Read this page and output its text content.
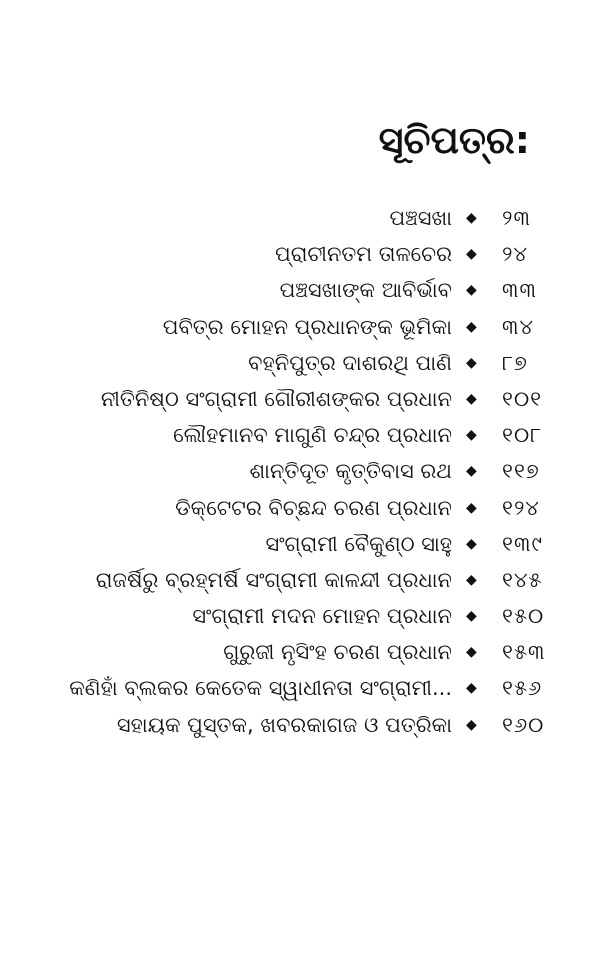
ସୂଚିପତ୍ର:
ପଞ୍ଚସଖା ◆ ୨୩
ପ୍ରାଚୀନତମ ତାଳଚେର ◆ ୨୪
ପଞ୍ଚସଖାଙ୍କ ଆବିର୍ଭାବ ◆ ୩୩
ପବିତ୍ର ମୋହନ ପ୍ରଧାନଙ୍କ ଭୂମିକା ◆ ୩୪
ବହ୍ନିପୁତ୍ର ଦାଶରଥି ପାଣି ◆ ୮୭
ନୀତିନିଷ୍ଠ ସଂଗ୍ରାମୀ ଗୌରୀଶଙ୍କର ପ୍ରଧାନ ◆ ୧୦୧
ଲୌହମାନବ ମାଗୁଣି ଚନ୍ଦ୍ର ପ୍ରଧାନ ◆ ୧୦୮
ଶାନ୍ତିଦୂତ କୃତ୍ତିବାସ ରଥ ◆ ୧୧୭
ଡିକ୍ଟେଟର ବିଚ୍ଛନ୍ଦ ଚରଣ ପ୍ରଧାନ ◆ ୧୨୪
ସଂଗ୍ରାମୀ ବୈକୁଣ୍ଠ ସାହୁ ◆ ୧୩୯
ରାଜର୍ଷିରୁ ବ୍ରହ୍ମର୍ଷି ସଂଗ୍ରାମୀ କାଳନ୍ଦୀ ପ୍ରଧାନ ◆ ୧୪୫
ସଂଗ୍ରାମୀ ମଦନ ମୋହନ ପ୍ରଧାନ ◆ ୧୫୦
ଗୁରୁଜୀ ନୃସିଂହ ଚରଣ ପ୍ରଧାନ ◆ ୧୫୩
କଣିହାଁ ବ୍ଲକର କେତେକ ସ୍ୱାଧୀନତା ସଂଗ୍ରାମୀ... ◆ ୧୫୬
ସହାୟକ ପୁସ୍ତକ, ଖବରକାଗଜ ଓ ପତ୍ରିକା ◆ ୧୬୦
